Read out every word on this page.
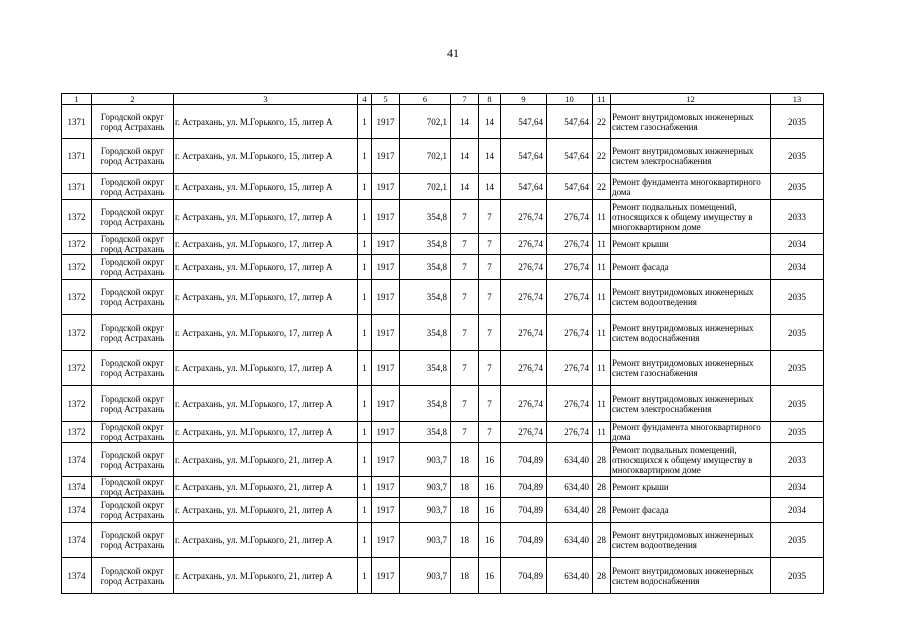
41
1	2	3	4	5	6	7	8	9	10	11	12	13
1371	Городской округ город Астрахань	г. Астрахань, ул. М.Горького, 15, литер А	1	1917	702,1	14	14	547,64	547,64	22	Ремонт внутридомовых инженерных систем газоснабжения	2035
1371	Городской округ город Астрахань	г. Астрахань, ул. М.Горького, 15, литер А	1	1917	702,1	14	14	547,64	547,64	22	Ремонт внутридомовых инженерных систем электроснабжения	2035
1371	Городской округ город Астрахань	г. Астрахань, ул. М.Горького, 15, литер А	1	1917	702,1	14	14	547,64	547,64	22	Ремонт фундамента многоквартирного дома	2035
1372	Городской округ город Астрахань	г. Астрахань, ул. М.Горького, 17, литер А	1	1917	354,8	7	7	276,74	276,74	11	Ремонт подвальных помещений, относящихся к общему имуществу в многоквартирном доме	2033
1372	Городской округ город Астрахань	г. Астрахань, ул. М.Горького, 17, литер А	1	1917	354,8	7	7	276,74	276,74	11	Ремонт крыши	2034
1372	Городской округ город Астрахань	г. Астрахань, ул. М.Горького, 17, литер А	1	1917	354,8	7	7	276,74	276,74	11	Ремонт фасада	2034
1372	Городской округ город Астрахань	г. Астрахань, ул. М.Горького, 17, литер А	1	1917	354,8	7	7	276,74	276,74	11	Ремонт внутридомовых инженерных систем водоотведения	2035
1372	Городской округ город Астрахань	г. Астрахань, ул. М.Горького, 17, литер А	1	1917	354,8	7	7	276,74	276,74	11	Ремонт внутридомовых инженерных систем водоснабжения	2035
1372	Городской округ город Астрахань	г. Астрахань, ул. М.Горького, 17, литер А	1	1917	354,8	7	7	276,74	276,74	11	Ремонт внутридомовых инженерных систем газоснабжения	2035
1372	Городской округ город Астрахань	г. Астрахань, ул. М.Горького, 17, литер А	1	1917	354,8	7	7	276,74	276,74	11	Ремонт внутридомовых инженерных систем электроснабжения	2035
1372	Городской округ город Астрахань	г. Астрахань, ул. М.Горького, 17, литер А	1	1917	354,8	7	7	276,74	276,74	11	Ремонт фундамента многоквартирного дома	2035
1374	Городской округ город Астрахань	г. Астрахань, ул. М.Горького, 21, литер А	1	1917	903,7	18	16	704,89	634,40	28	Ремонт подвальных помещений, относящихся к общему имуществу в многоквартирном доме	2033
1374	Городской округ город Астрахань	г. Астрахань, ул. М.Горького, 21, литер А	1	1917	903,7	18	16	704,89	634,40	28	Ремонт крыши	2034
1374	Городской округ город Астрахань	г. Астрахань, ул. М.Горького, 21, литер А	1	1917	903,7	18	16	704,89	634,40	28	Ремонт фасада	2034
1374	Городской округ город Астрахань	г. Астрахань, ул. М.Горького, 21, литер А	1	1917	903,7	18	16	704,89	634,40	28	Ремонт внутридомовых инженерных систем водоотведения	2035
1374	Городской округ город Астрахань	г. Астрахань, ул. М.Горького, 21, литер А	1	1917	903,7	18	16	704,89	634,40	28	Ремонт внутридомовых инженерных систем водоснабжения	2035
